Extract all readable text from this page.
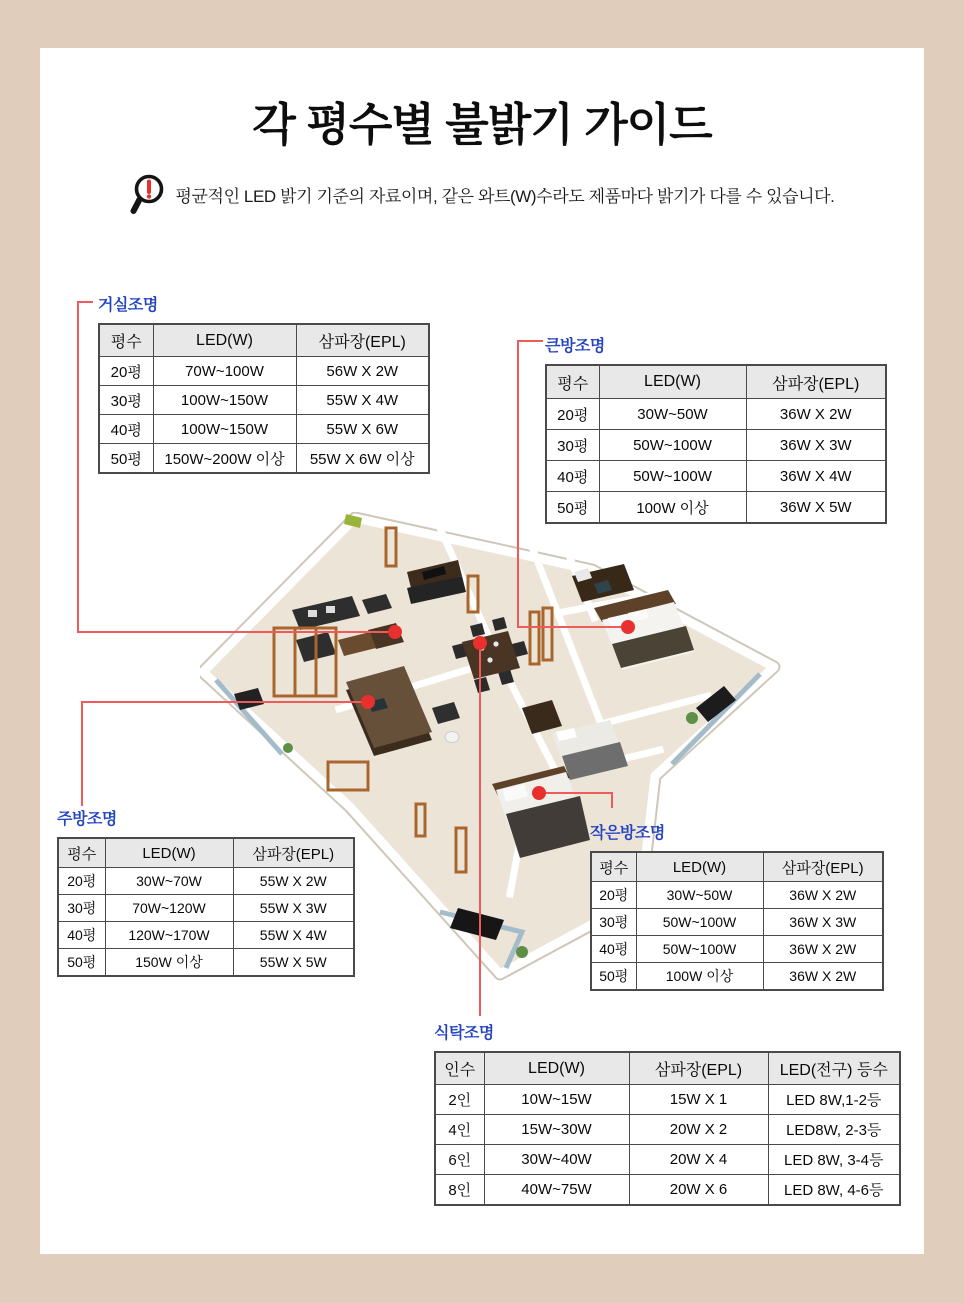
각 평수별 불밝기 가이드
평균적인 LED 밝기 기준의 자료이며, 같은 와트(W)수라도 제품마다 밝기가 다를 수 있습니다.
거실조명
평수	LED(W)	삼파장(EPL)
20평	70W~100W	56W X 2W
30평	100W~150W	55W X 4W
40평	100W~150W	55W X 6W
50평	150W~200W 이상	55W X 6W 이상
큰방조명
평수	LED(W)	삼파장(EPL)
20평	30W~50W	36W X 2W
30평	50W~100W	36W X 3W
40평	50W~100W	36W X 4W
50평	100W 이상	36W X 5W
주방조명
평수	LED(W)	삼파장(EPL)
20평	30W~70W	55W X 2W
30평	70W~120W	55W X 3W
40평	120W~170W	55W X 4W
50평	150W 이상	55W X 5W
작은방조명
평수	LED(W)	삼파장(EPL)
20평	30W~50W	36W X 2W
30평	50W~100W	36W X 3W
40평	50W~100W	36W X 2W
50평	100W 이상	36W X 2W
식탁조명
인수	LED(W)	삼파장(EPL)	LED(전구) 등수
2인	10W~15W	15W X 1	LED 8W,1-2등
4인	15W~30W	20W X 2	LED8W, 2-3등
6인	30W~40W	20W X 4	LED 8W, 3-4등
8인	40W~75W	20W X 6	LED 8W, 4-6등
